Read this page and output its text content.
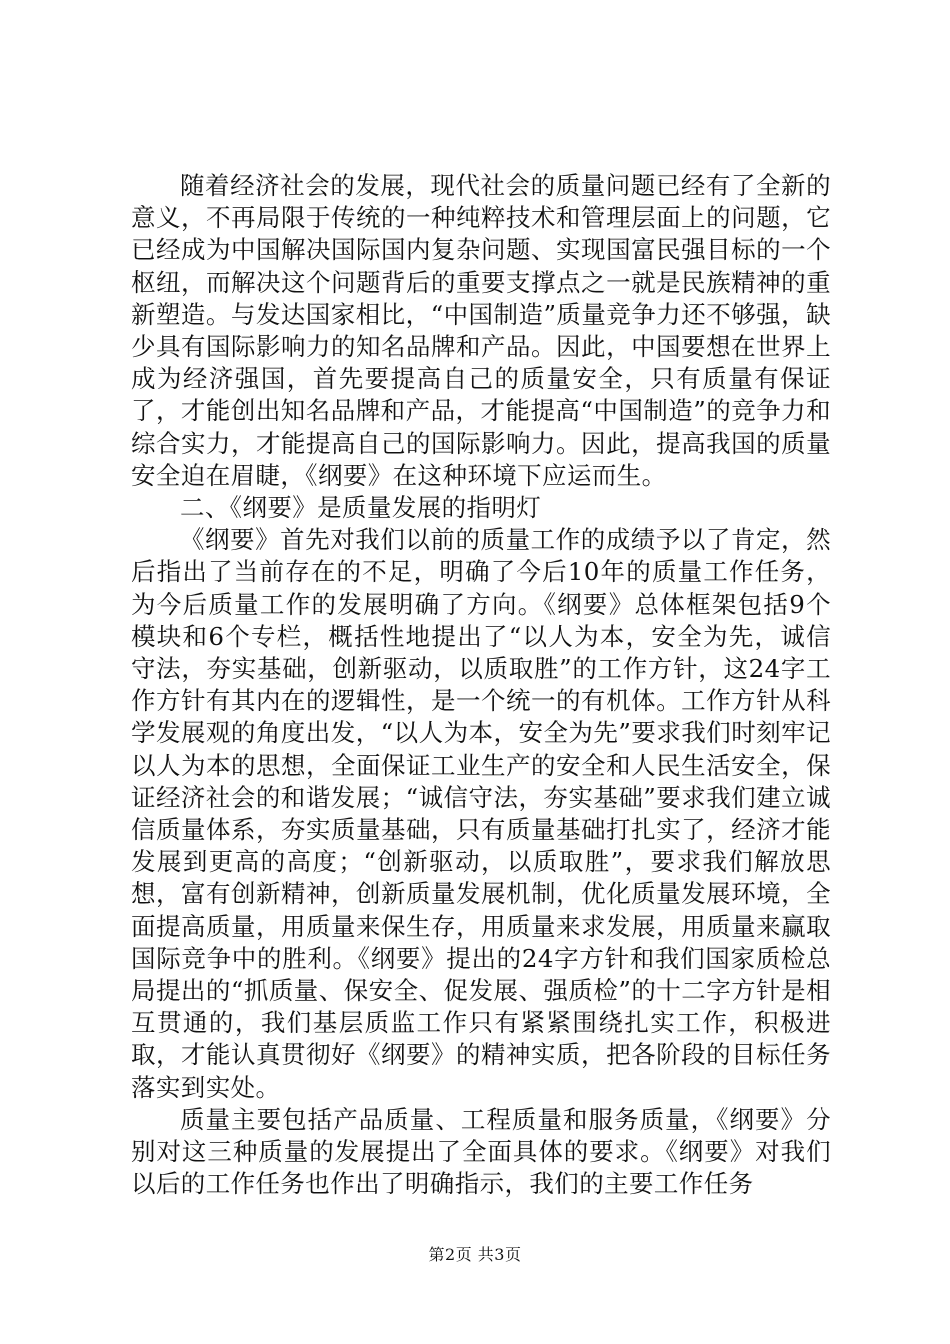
随着经济社会的发展，现代社会的质量问题已经有了全新的意义，不再局限于传统的一种纯粹技术和管理层面上的问题，它已经成为中国解决国际国内复杂问题、实现国富民强目标的一个枢纽，而解决这个问题背后的重要支撑点之一就是民族精神的重新塑造。与发达国家相比，“中国制造”质量竞争力还不够强，缺少具有国际影响力的知名品牌和产品。因此，中国要想在世界上成为经济强国，首先要提高自己的质量安全，只有质量有保证了，才能创出知名品牌和产品，才能提高“中国制造”的竞争力和综合实力，才能提高自己的国际影响力。因此，提高我国的质量安全迫在眉睫，《纲要》在这种环境下应运而生。

二、《纲要》是质量发展的指明灯

《纲要》首先对我们以前的质量工作的成绩予以了肯定，然后指出了当前存在的不足，明确了今后10年的质量工作任务，为今后质量工作的发展明确了方向。《纲要》总体框架包括9个模块和6个专栏，概括性地提出了“以人为本，安全为先，诚信守法，夯实基础，创新驱动，以质取胜”的工作方针，这24字工作方针有其内在的逻辑性，是一个统一的有机体。工作方针从科学发展观的角度出发，“以人为本，安全为先”要求我们时刻牢记以人为本的思想，全面保证工业生产的安全和人民生活安全，保证经济社会的和谐发展；“诚信守法，夯实基础”要求我们建立诚信质量体系，夯实质量基础，只有质量基础打扎实了，经济才能发展到更高的高度；“创新驱动，以质取胜”，要求我们解放思想，富有创新精神，创新质量发展机制，优化质量发展环境，全面提高质量，用质量来保生存，用质量来求发展，用质量来赢取国际竞争中的胜利。《纲要》提出的24字方针和我们国家质检总局提出的“抓质量、保安全、促发展、强质检”的十二字方针是相互贯通的，我们基层质监工作只有紧紧围绕扎实工作，积极进取，才能认真贯彻好《纲要》的精神实质，把各阶段的目标任务落实到实处。

质量主要包括产品质量、工程质量和服务质量，《纲要》分别对这三种质量的发展提出了全面具体的要求。《纲要》对我们以后的工作任务也作出了明确指示，我们的主要工作任务

第2页 共3页
